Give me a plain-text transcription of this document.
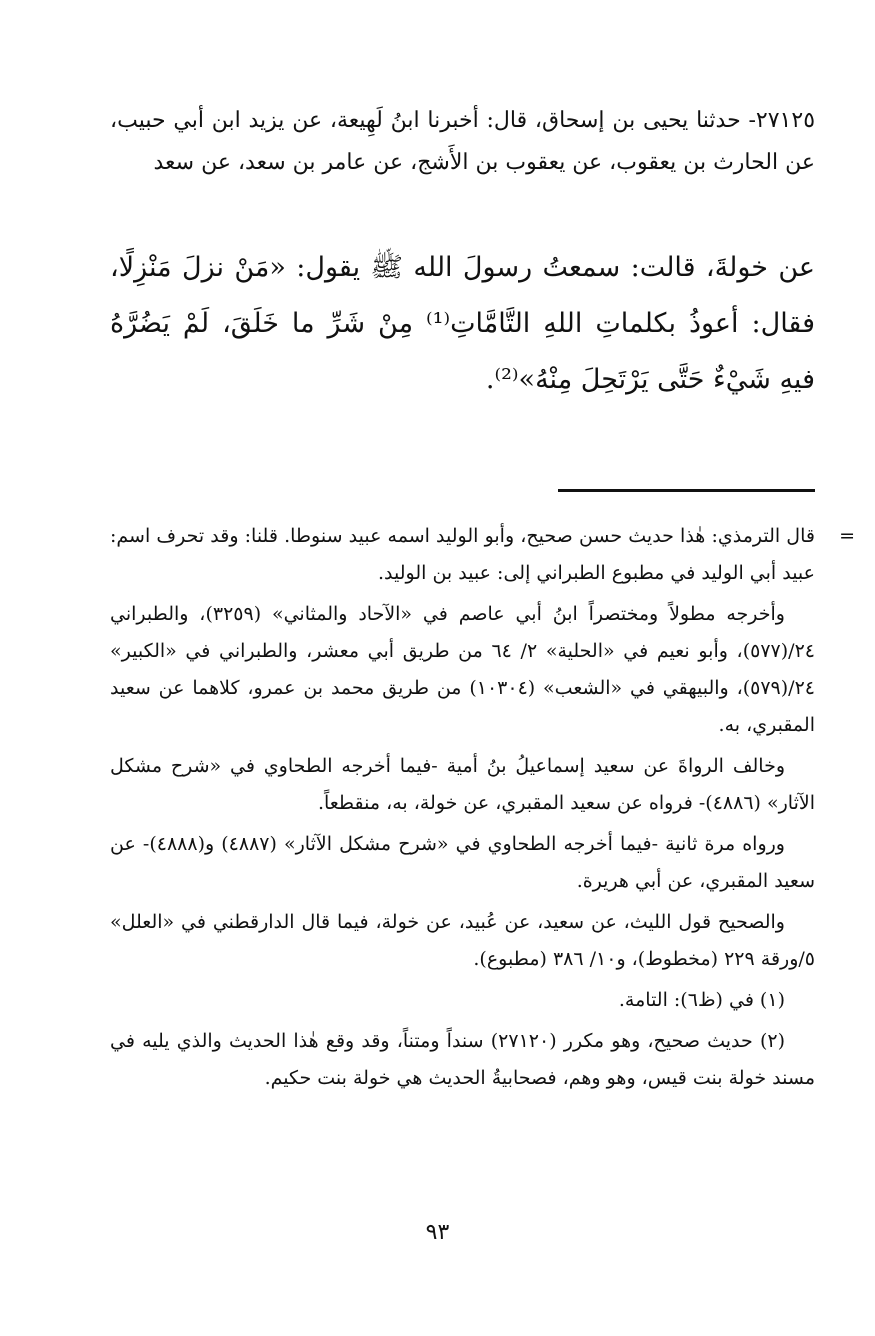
٢٧١٢٥- حدثنا يحيى بن إسحاق، قال: أخبرنا ابنُ لَهِيعة، عن يزيد ابن أبي حبيب، عن الحارث بن يعقوب، عن يعقوب بن الأَشج، عن عامر بن سعد، عن سعد
عن خولةَ، قالت: سمعتُ رسولَ الله ﷺ يقول: «مَنْ نزلَ مَنْزِلًا، فقال: أعوذُ بكلماتِ اللهِ التَّامَّاتِ⁽¹⁾ مِنْ شَرِّ ما خَلَقَ، لَمْ يَضُرَّهُ فيهِ شَيْءٌ حَتَّى يَرْتَحِلَ مِنْهُ»⁽²⁾.

=
قال الترمذي: هٰذا حديث حسن صحيح، وأبو الوليد اسمه عبيد سنوطا. قلنا: وقد تحرف اسم: عبيد أبي الوليد في مطبوع الطبراني إلى: عبيد بن الوليد.

وأخرجه مطولاً ومختصراً ابنُ أبي عاصم في «الآحاد والمثاني» (٣٢٥٩)، والطبراني ٢٤/(٥٧٧)، وأبو نعيم في «الحلية» ٢/ ٦٤ من طريق أبي معشر، والطبراني في «الكبير» ٢٤/(٥٧٩)، والبيهقي في «الشعب» (١٠٣٠٤) من طريق محمد بن عمرو، كلاهما عن سعيد المقبري، به.

وخالف الرواةَ عن سعيد إسماعيلُ بنُ أمية -فيما أخرجه الطحاوي في «شرح مشكل الآثار» (٤٨٨٦)- فرواه عن سعيد المقبري، عن خولة، به، منقطعاً.

ورواه مرة ثانية -فيما أخرجه الطحاوي في «شرح مشكل الآثار» (٤٨٨٧) و(٤٨٨٨)- عن سعيد المقبري، عن أبي هريرة.

والصحيح قول الليث، عن سعيد، عن عُبيد، عن خولة، فيما قال الدارقطني في «العلل» ٥/ورقة ٢٢٩ (مخطوط)، و١٠/ ٣٨٦ (مطبوع).

(١) في (ظ٦): التامة.

(٢) حديث صحيح، وهو مكرر (٢٧١٢٠) سنداً ومتناً، وقد وقع هٰذا الحديث والذي يليه في مسند خولة بنت قيس، وهو وهم، فصحابيةُ الحديث هي خولة بنت حكيم.

٩٣
